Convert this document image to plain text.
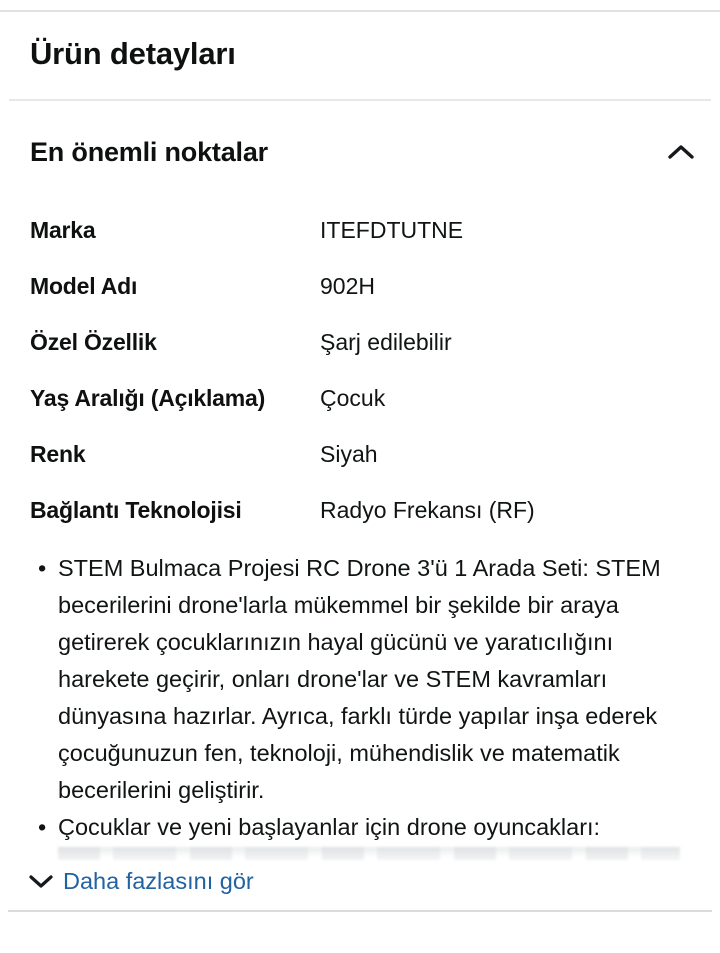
Ürün detayları
En önemli noktalar
Marka	ITEFDTUTNE
Model Adı	902H
Özel Özellik	Şarj edilebilir
Yaş Aralığı (Açıklama)	Çocuk
Renk	Siyah
Bağlantı Teknolojisi	Radyo Frekansı (RF)
• STEM Bulmaca Projesi RC Drone 3'ü 1 Arada Seti: STEM becerilerini drone'larla mükemmel bir şekilde bir araya getirerek çocuklarınızın hayal gücünü ve yaratıcılığını harekete geçirir, onları drone'lar ve STEM kavramları dünyasına hazırlar. Ayrıca, farklı türde yapılar inşa ederek çocuğunuzun fen, teknoloji, mühendislik ve matematik becerilerini geliştirir.
• Çocuklar ve yeni başlayanlar için drone oyuncakları:
Daha fazlasını gör
